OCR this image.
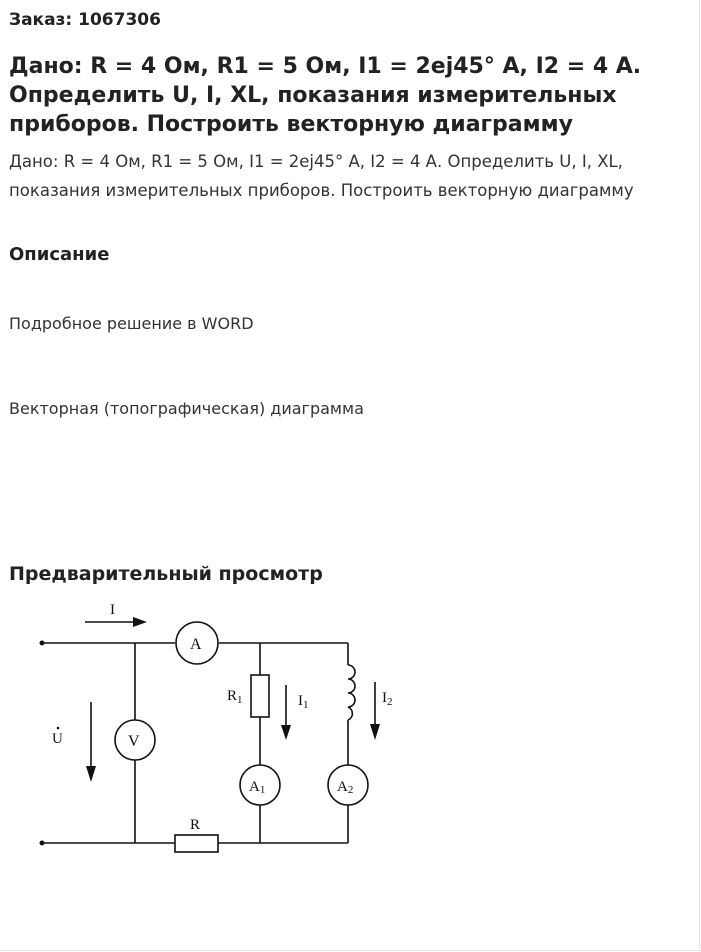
Заказ: 1067306
Дано: R = 4 Ом, R1 = 5 Ом, I1 = 2ej45° А, I2 = 4 А. Определить U, I, XL, показания измерительных приборов. Построить векторную диаграмму
Дано: R = 4 Ом, R1 = 5 Ом, I1 = 2ej45° А, I2 = 4 А. Определить U, I, XL, показания измерительных приборов. Построить векторную диаграмму
Описание
Подробное решение в WORD
Векторная (топографическая) диаграмма
Предварительный просмотр
I
A
$R_1$	$I_1$	$I_2$
U	V
A1	A2
R
